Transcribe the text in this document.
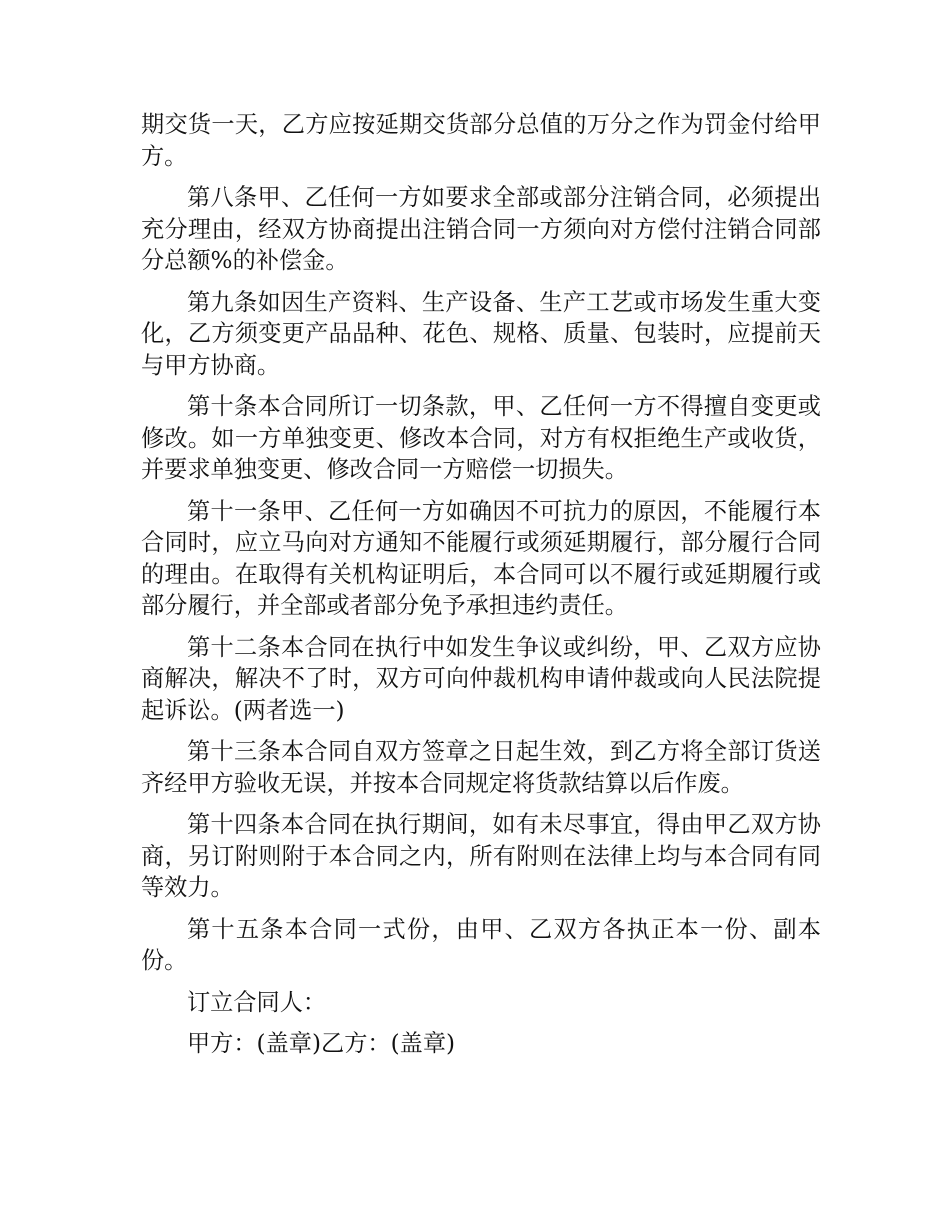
期交货一天，乙方应按延期交货部分总值的万分之作为罚金付给甲方。

第八条甲、乙任何一方如要求全部或部分注销合同，必须提出充分理由，经双方协商提出注销合同一方须向对方偿付注销合同部分总额%的补偿金。

第九条如因生产资料、生产设备、生产工艺或市场发生重大变化，乙方须变更产品品种、花色、规格、质量、包装时，应提前天与甲方协商。

第十条本合同所订一切条款，甲、乙任何一方不得擅自变更或修改。如一方单独变更、修改本合同，对方有权拒绝生产或收货，并要求单独变更、修改合同一方赔偿一切损失。

第十一条甲、乙任何一方如确因不可抗力的原因，不能履行本合同时，应立马向对方通知不能履行或须延期履行，部分履行合同的理由。在取得有关机构证明后，本合同可以不履行或延期履行或部分履行，并全部或者部分免予承担违约责任。

第十二条本合同在执行中如发生争议或纠纷，甲、乙双方应协商解决，解决不了时，双方可向仲裁机构申请仲裁或向人民法院提起诉讼。(两者选一)

第十三条本合同自双方签章之日起生效，到乙方将全部订货送齐经甲方验收无误，并按本合同规定将货款结算以后作废。

第十四条本合同在执行期间，如有未尽事宜，得由甲乙双方协商，另订附则附于本合同之内，所有附则在法律上均与本合同有同等效力。

第十五条本合同一式份，由甲、乙双方各执正本一份、副本份。

订立合同人：

甲方：(盖章)乙方：(盖章)
